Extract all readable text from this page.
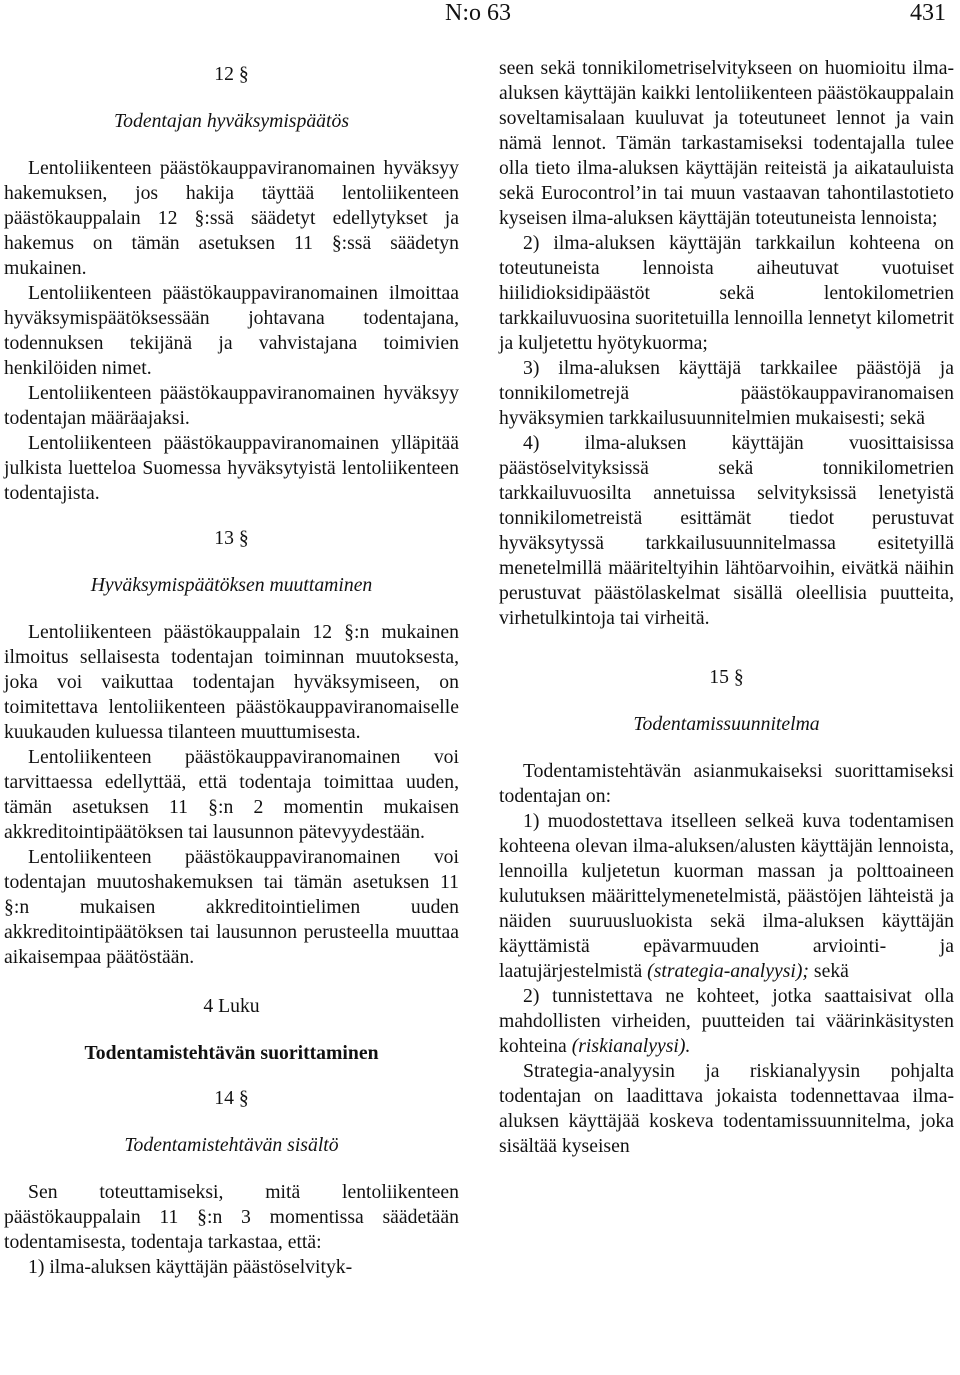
N:o 63	431
12 §
Todentajan hyväksymispäätös

Lentoliikenteen päästökauppaviranomainen hyväksyy hakemuksen, jos hakija täyttää lentoliikenteen päästökauppalain 12 §:ssä säädetyt edellytykset ja hakemus on tämän asetuksen 11 §:ssä säädetyn mukainen.

Lentoliikenteen päästökauppaviranomainen ilmoittaa hyväksymispäätöksessään johtavana todentajana, todennuksen tekijänä ja vahvistajana toimivien henkilöiden nimet.

Lentoliikenteen päästökauppaviranomainen hyväksyy todentajan määräajaksi.

Lentoliikenteen päästökauppaviranomainen ylläpitää julkista luetteloa Suomessa hyväksytyistä lentoliikenteen todentajista.

13 §
Hyväksymispäätöksen muuttaminen

Lentoliikenteen päästökauppalain 12 §:n mukainen ilmoitus sellaisesta todentajan toiminnan muutoksesta, joka voi vaikuttaa todentajan hyväksymiseen, on toimitettava lentoliikenteen päästökauppaviranomaiselle kuukauden kuluessa tilanteen muuttumisesta.

Lentoliikenteen päästökauppaviranomainen voi tarvittaessa edellyttää, että todentaja toimittaa uuden, tämän asetuksen 11 §:n 2 momentin mukaisen akkreditointipäätöksen tai lausunnon pätevyydestään.

Lentoliikenteen päästökauppaviranomainen voi todentajan muutoshakemuksen tai tämän asetuksen 11 §:n mukaisen akkreditointielimen uuden akkreditointipäätöksen tai lausunnon perusteella muuttaa aikaisempaa päätöstään.

4 Luku
Todentamistehtävän suorittaminen
14 §
Todentamistehtävän sisältö

Sen toteuttamiseksi, mitä lentoliikenteen päästökauppalain 11 §:n 3 momentissa säädetään todentamisesta, todentaja tarkastaa, että:

1) ilma-aluksen käyttäjän päästöselvityk-

seen sekä tonnikilometriselvitykseen on huomioitu ilma-aluksen käyttäjän kaikki lentoliikenteen päästökauppalain soveltamisalaan kuuluvat ja toteutuneet lennot ja vain nämä lennot. Tämän tarkastamiseksi todentajalla tulee olla tieto ilma-aluksen käyttäjän reiteistä ja aikatauluista sekä Eurocontrol’in tai muun vastaavan tahontilastotieto kyseisen ilma-aluksen käyttäjän toteutuneista lennoista;

2) ilma-aluksen käyttäjän tarkkailun kohteena on toteutuneista lennoista aiheutuvat vuotuiset hiilidioksidipäästöt sekä lentokilometrien tarkkailuvuosina suoritetuilla lennoilla lennetyt kilometrit ja kuljetettu hyötykuorma;

3) ilma-aluksen käyttäjä tarkkailee päästöjä ja tonnikilometrejä päästökauppaviranomaisen hyväksymien tarkkailusuunnitelmien mukaisesti; sekä

4) ilma-aluksen käyttäjän vuosittaisissa päästöselvityksissä sekä tonnikilometrien tarkkailuvuosilta annetuissa selvityksissä lenetyistä tonnikilometreistä esittämät tiedot perustuvat hyväksytyssä tarkkailusuunnitelmassa esitetyillä menetelmillä määriteltyihin lähtöarvoihin, eivätkä näihin perustuvat päästölaskelmat sisällä oleellisia puutteita, virhetulkintoja tai virheitä.

15 §
Todentamissuunnitelma

Todentamistehtävän asianmukaiseksi suorittamiseksi todentajan on:

1) muodostettava itselleen selkeä kuva todentamisen kohteena olevan ilma-aluksen/alusten käyttäjän lennoista, lennoilla kuljetetun kuorman massan ja polttoaineen kulutuksen määrittelymenetelmistä, päästöjen lähteistä ja näiden suuruusluokista sekä ilma-aluksen käyttäjän käyttämistä epävarmuuden arviointi- ja laatujärjestelmistä (strategia-analyysi); sekä

2) tunnistettava ne kohteet, jotka saattaisivat olla mahdollisten virheiden, puutteiden tai väärinkäsitysten kohteina (riskianalyysi).

Strategia-analyysin ja riskianalyysin pohjalta todentajan on laadittava jokaista todennettavaa ilma-aluksen käyttäjää koskeva todentamissuunnitelma, joka sisältää kyseisen
